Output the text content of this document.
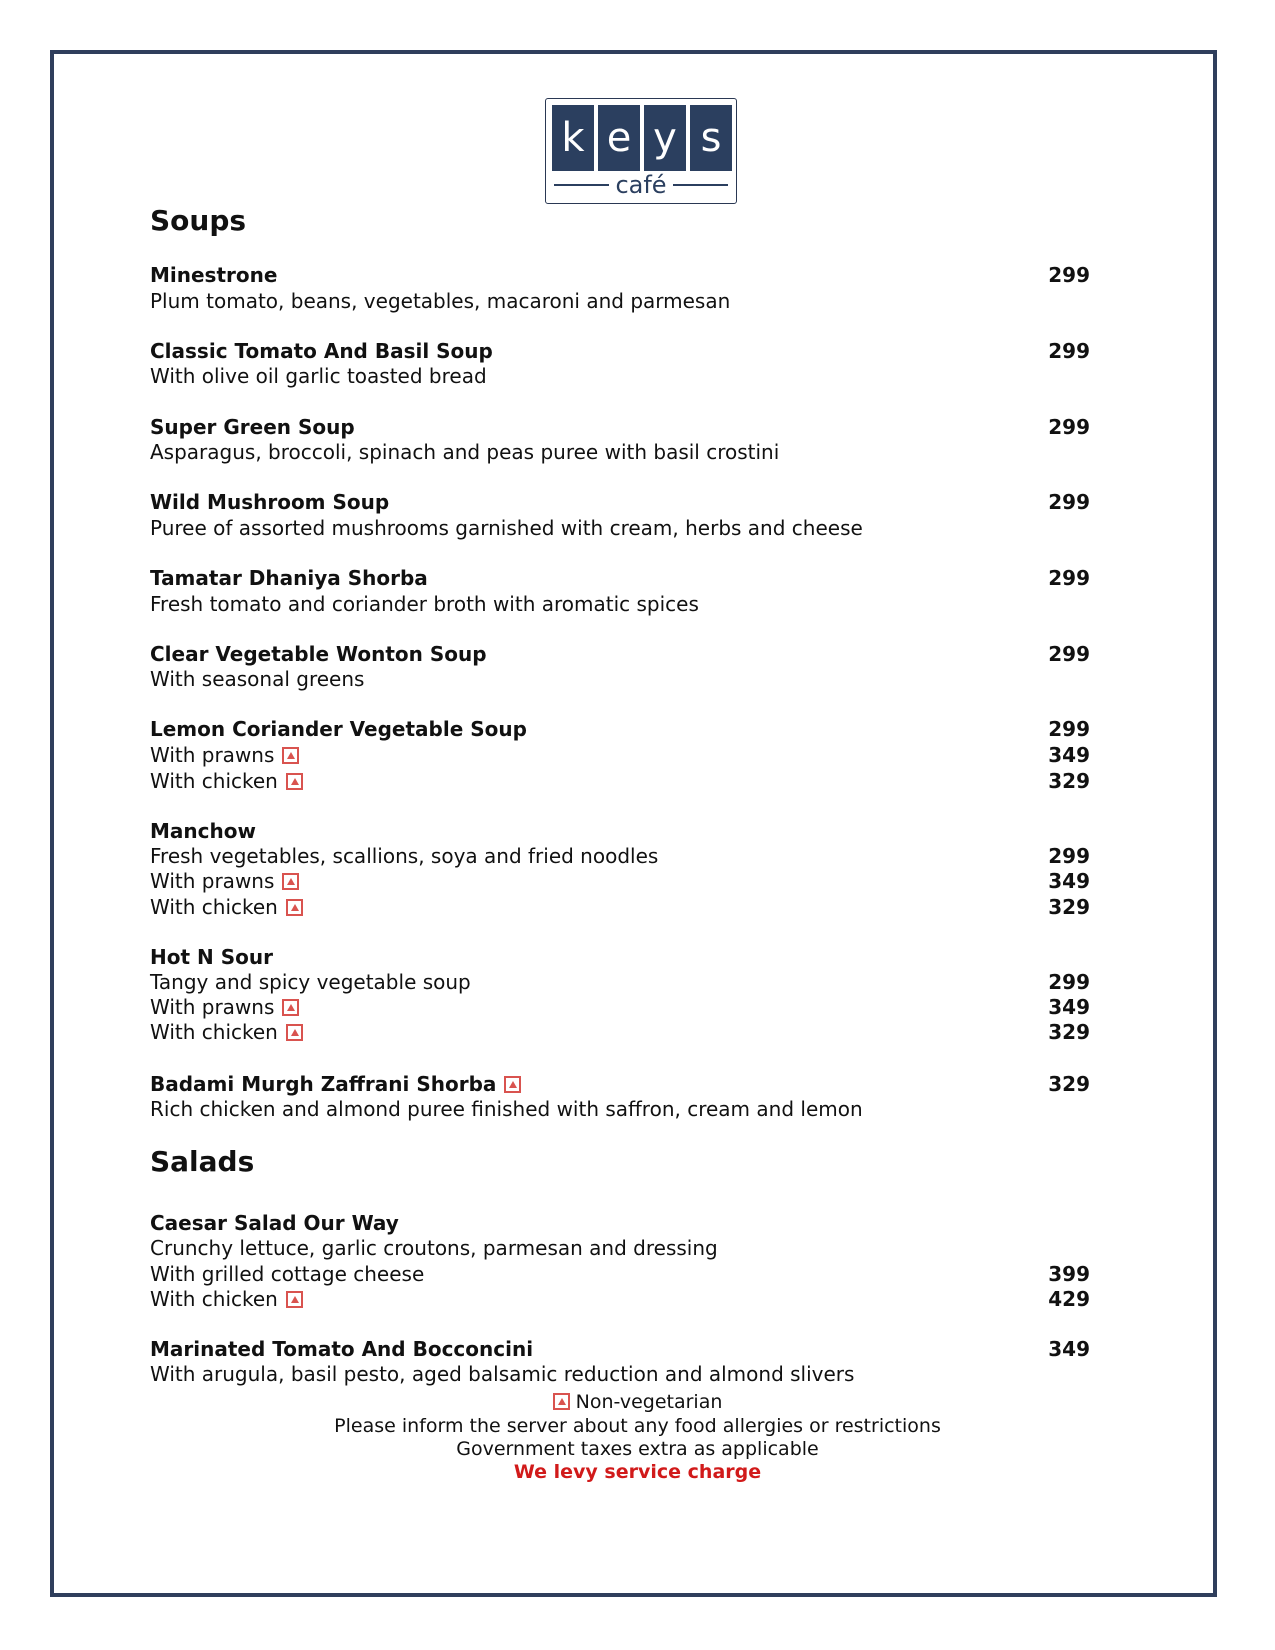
k e y s
café
Soups
Minestrone	299
Plum tomato, beans, vegetables, macaroni and parmesan
Classic Tomato And Basil Soup	299
With olive oil garlic toasted bread
Super Green Soup	299
Asparagus, broccoli, spinach and peas puree with basil crostini
Wild Mushroom Soup	299
Puree of assorted mushrooms garnished with cream, herbs and cheese
Tamatar Dhaniya Shorba	299
Fresh tomato and coriander broth with aromatic spices
Clear Vegetable Wonton Soup	299
With seasonal greens
Lemon Coriander Vegetable Soup	299
With prawns	349
With chicken	329
Manchow
Fresh vegetables, scallions, soya and fried noodles	299
With prawns	349
With chicken	329
Hot N Sour
Tangy and spicy vegetable soup	299
With prawns	349
With chicken	329
Badami Murgh Zaffrani Shorba	329
Rich chicken and almond puree finished with saffron, cream and lemon
Salads
Caesar Salad Our Way
Crunchy lettuce, garlic croutons, parmesan and dressing
With grilled cottage cheese	399
With chicken	429
Marinated Tomato And Bocconcini	349
With arugula, basil pesto, aged balsamic reduction and almond slivers
Non-vegetarian
Please inform the server about any food allergies or restrictions
Government taxes extra as applicable
We levy service charge
